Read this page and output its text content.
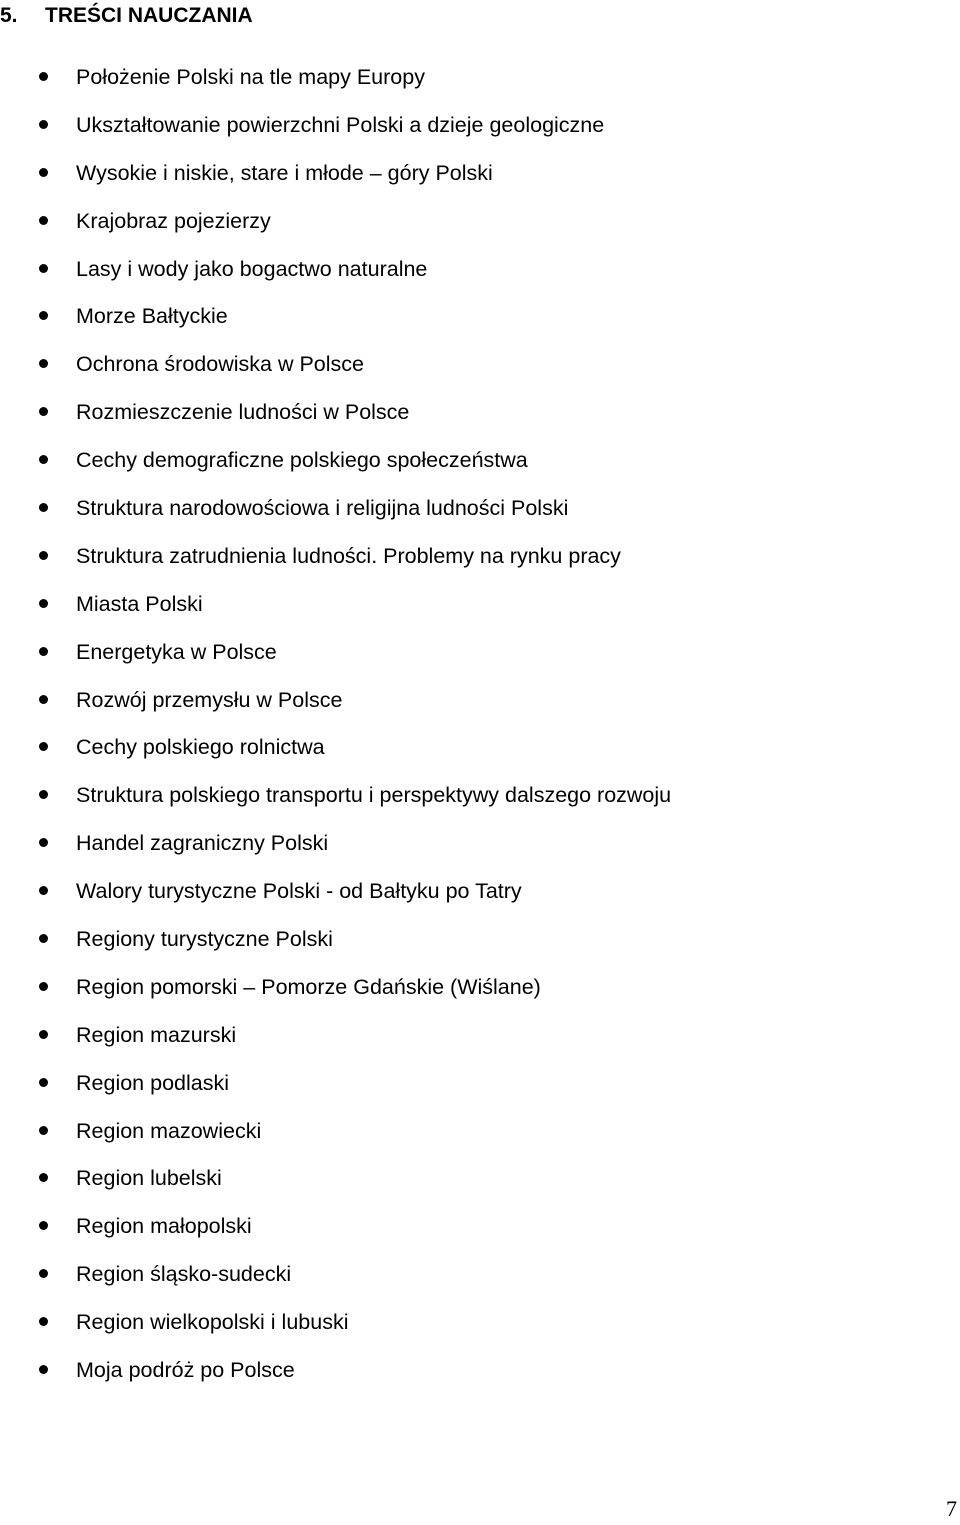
5. TREŚCI NAUCZANIA
Położenie Polski na tle mapy Europy
Ukształtowanie powierzchni Polski a dzieje geologiczne
Wysokie i niskie, stare i młode – góry Polski
Krajobraz pojezierzy
Lasy i wody jako bogactwo naturalne
Morze Bałtyckie
Ochrona środowiska w Polsce
Rozmieszczenie ludności w Polsce
Cechy demograficzne polskiego społeczeństwa
Struktura narodowościowa i religijna ludności Polski
Struktura zatrudnienia ludności. Problemy na rynku pracy
Miasta Polski
Energetyka w Polsce
Rozwój przemysłu w Polsce
Cechy polskiego rolnictwa
Struktura polskiego transportu i perspektywy dalszego rozwoju
Handel zagraniczny Polski
Walory turystyczne Polski - od Bałtyku po Tatry
Regiony turystyczne Polski
Region pomorski – Pomorze Gdańskie (Wiślane)
Region mazurski
Region podlaski
Region mazowiecki
Region lubelski
Region małopolski
Region śląsko-sudecki
Region wielkopolski i lubuski
Moja podróż po Polsce
7
